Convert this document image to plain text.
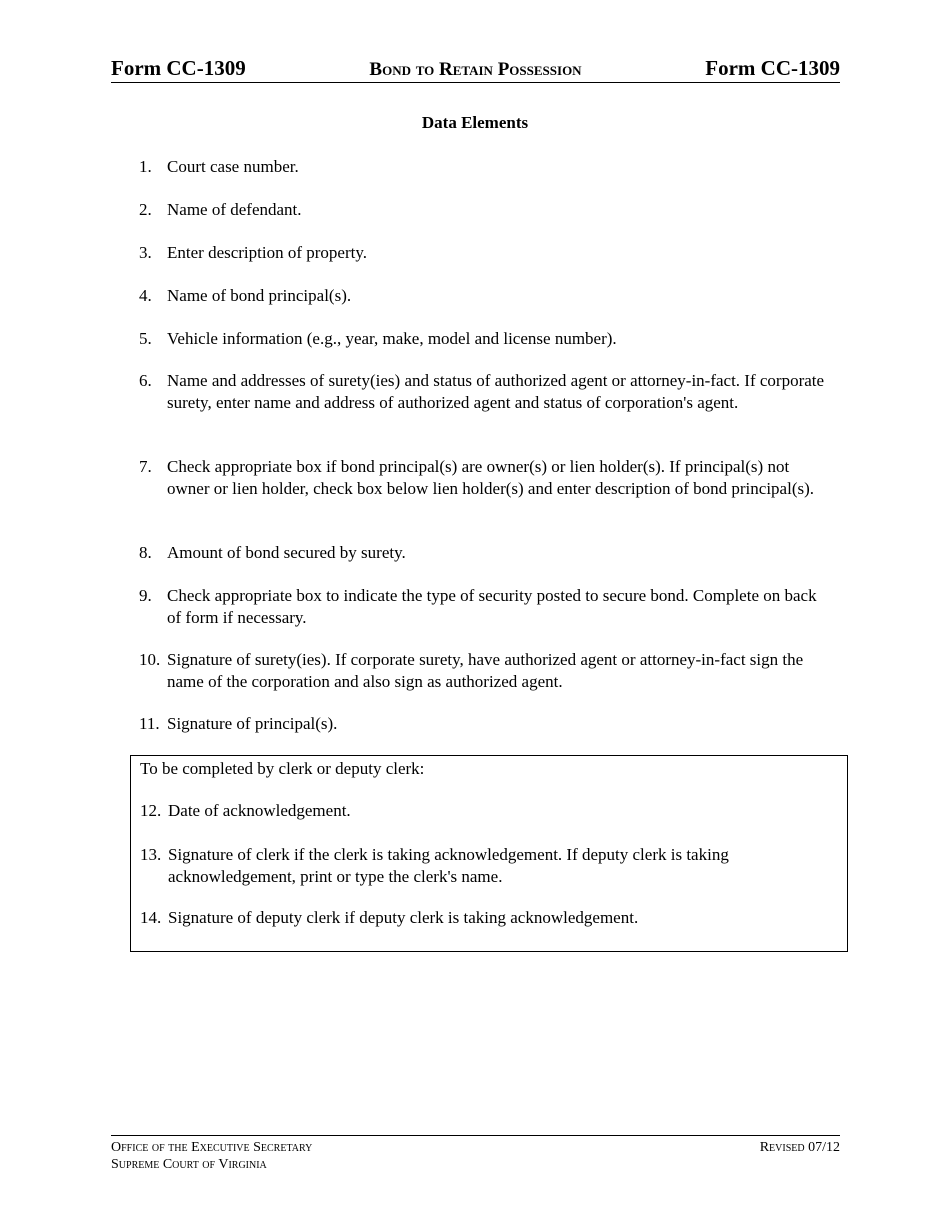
Form CC-1309	Bond to Retain Possession	Form CC-1309
Data Elements
1. Court case number.
2. Name of defendant.
3. Enter description of property.
4. Name of bond principal(s).
5. Vehicle information (e.g., year, make, model and license number).
6. Name and addresses of surety(ies) and status of authorized agent or attorney-in-fact. If corporate surety, enter name and address of authorized agent and status of corporation's agent.
7. Check appropriate box if bond principal(s) are owner(s) or lien holder(s). If principal(s) not owner or lien holder, check box below lien holder(s) and enter description of bond principal(s).
8. Amount of bond secured by surety.
9. Check appropriate box to indicate the type of security posted to secure bond. Complete on back of form if necessary.
10. Signature of surety(ies). If corporate surety, have authorized agent or attorney-in-fact sign the name of the corporation and also sign as authorized agent.
11. Signature of principal(s).
To be completed by clerk or deputy clerk:
12. Date of acknowledgement.
13. Signature of clerk if the clerk is taking acknowledgement. If deputy clerk is taking acknowledgement, print or type the clerk's name.
14. Signature of deputy clerk if deputy clerk is taking acknowledgement.
Office of the Executive Secretary
Supreme Court of Virginia
Revised 07/12
